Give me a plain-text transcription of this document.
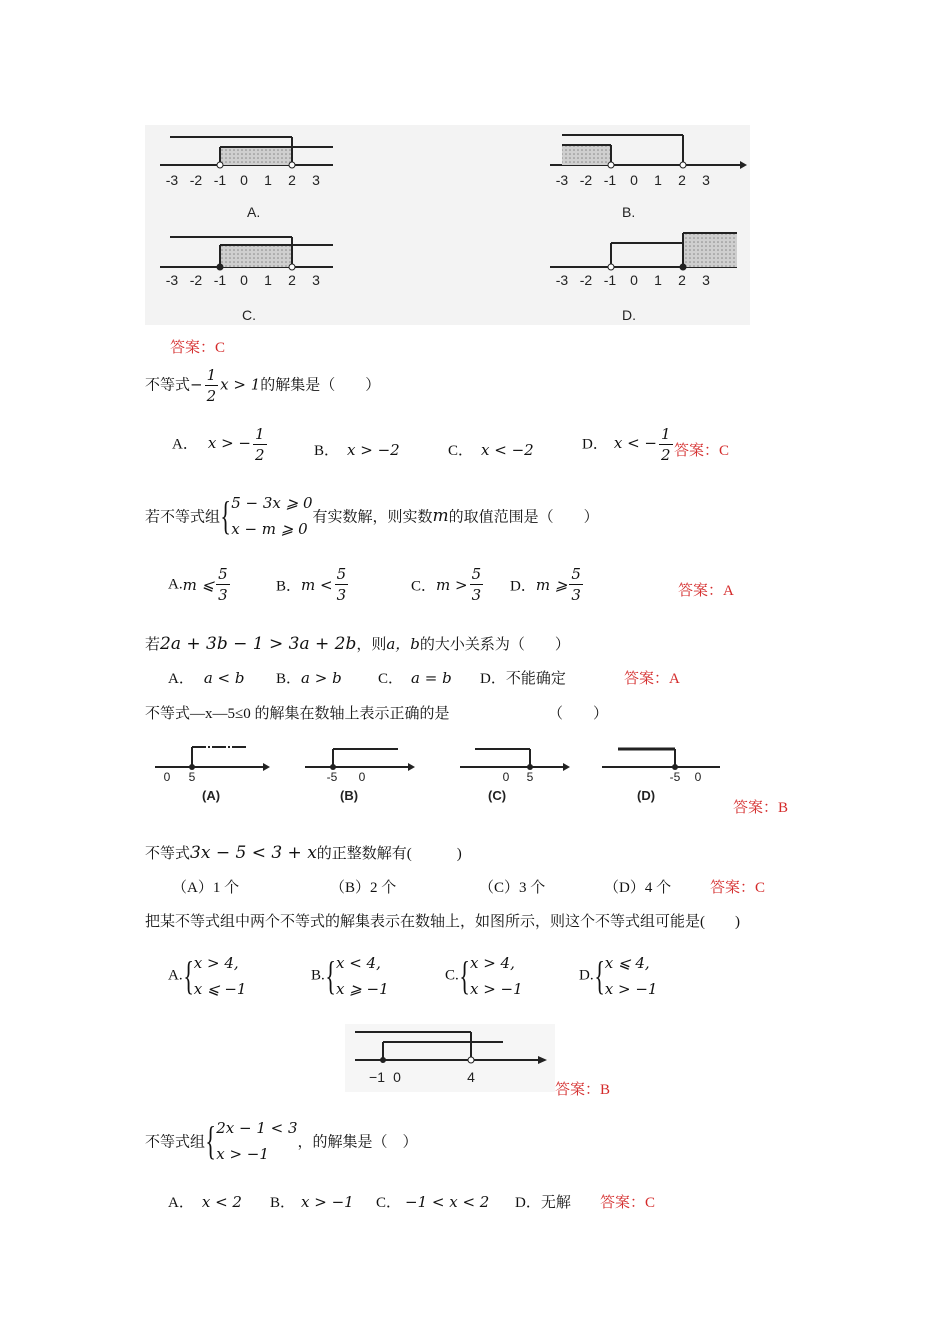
-3 -2 -1 0 1 2 3	-3 -2 -1 0 1 2 3
-3 -2 -1 0 1 2 3	-3 -2 -1 0 1 2 3
A.	B.
C.	D.
答案：C
不等式− $\frac{1}{2}$ x > 1的解集是（　　）
A． x > − $\frac{1}{2}$	B． x > −2	C． x < −2	D． x < − $\frac{1}{2}$ 答案：C
若不等式组{ 5 − 3x ⩾ 0
x − m ⩾ 0
有实数解，则实数m的取值范围是（　　）
A.m ⩽ $\frac{5}{3}$	B．$m < \frac{5}{3}$	C．$m > \frac{5}{3}$ D．m ⩾ $\frac{5}{3}$	答案：A
若2a + 3b − 1 > 3a + 2b，则a，b的大小关系为（　　）
A． a < b B．a > b C． a = b D．不能确定	答案：A
不等式—x—5≤0 的解集在数轴上表示正确的是	（　　）
0 5	-5 0	0 5	-5 0
(A)	(B)	(C)	(D)
答案：B
不等式3x − 5 < 3 + x的正整数解有(　　　)
（A）1 个	（B）2 个	（C）3 个	（D）4 个	答案：C
把某不等式组中两个不等式的解集表示在数轴上，如图所示，则这个不等式组可能是(　　)
A.{ x > 4,
x ⩽ −1
B.{ x < 4,
x ⩾ −1
C.{ x > 4,
x > −1
D.{ x ⩽ 4,
x > −1
−1 0	4
答案：B
不等式组{ 2x − 1 < 3
x > −1
，的解集是（　）
A． x < 2 B． x > −1 C． −1 < x < 2 D．无解 答案：C
